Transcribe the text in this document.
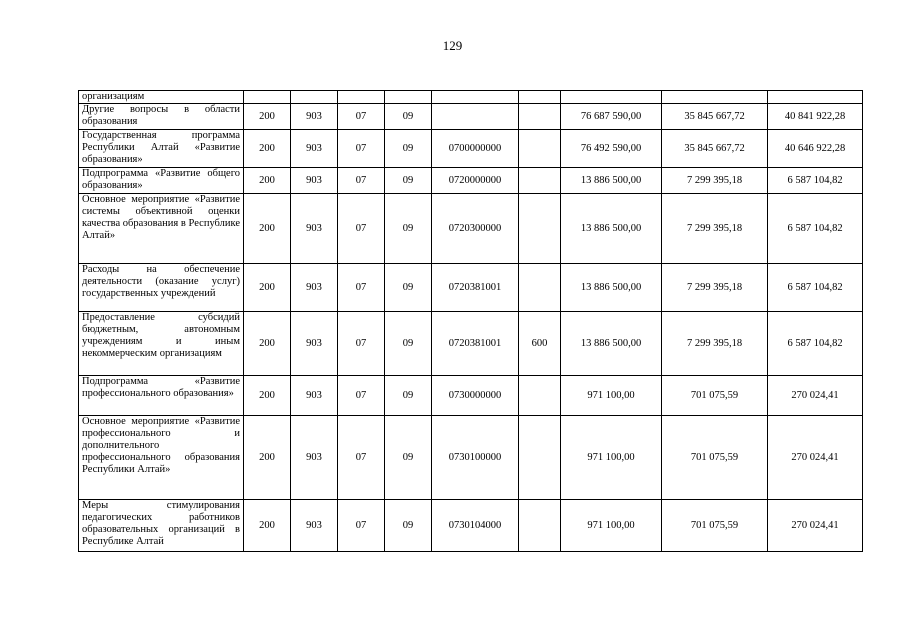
129
организациям									
Другие вопросы в области образования	200	903	07	09			76 687 590,00	35 845 667,72	40 841 922,28
Государственная программа Республики Алтай «Развитие образования»	200	903	07	09	0700000000		76 492 590,00	35 845 667,72	40 646 922,28
Подпрограмма «Развитие общего образования»	200	903	07	09	0720000000		13 886 500,00	7 299 395,18	6 587 104,82
Основное мероприятие «Развитие системы объективной оценки качества образования в Республике Алтай»	200	903	07	09	0720300000		13 886 500,00	7 299 395,18	6 587 104,82
Расходы на обеспечение деятельности (оказание услуг) государственных учреждений	200	903	07	09	0720381001		13 886 500,00	7 299 395,18	6 587 104,82
Предоставление субсидий бюджетным, автономным учреждениям и иным некоммерческим организациям	200	903	07	09	0720381001	600	13 886 500,00	7 299 395,18	6 587 104,82
Подпрограмма «Развитие профессионального образования»	200	903	07	09	0730000000		971 100,00	701 075,59	270 024,41
Основное мероприятие «Развитие профессионального и дополнительного профессионального образования Республики Алтай»	200	903	07	09	0730100000		971 100,00	701 075,59	270 024,41
Меры стимулирования педагогических работников образовательных организаций в Республике Алтай	200	903	07	09	0730104000		971 100,00	701 075,59	270 024,41
